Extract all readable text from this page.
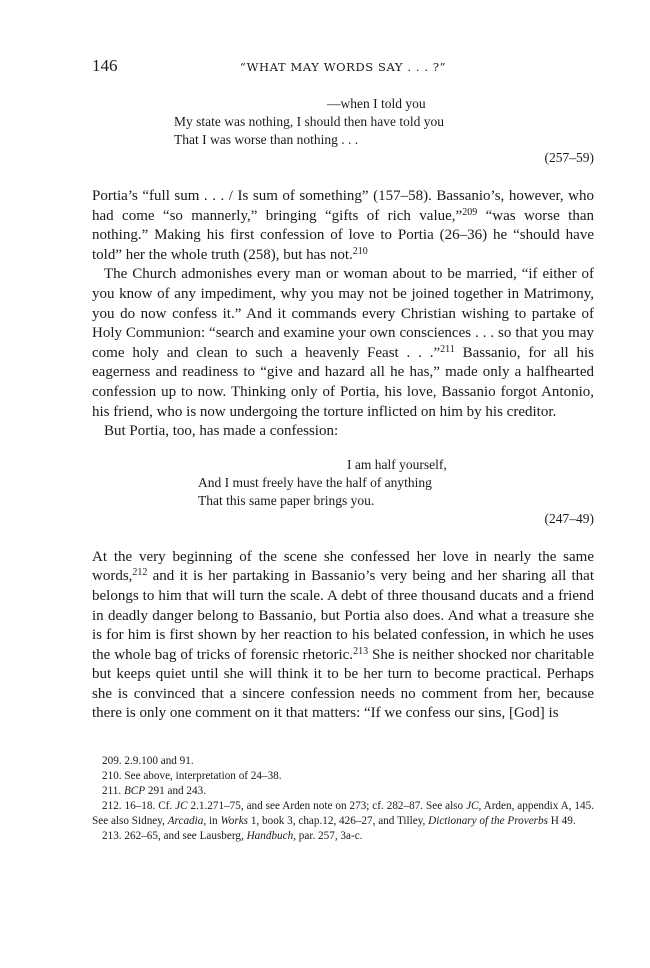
146	“WHAT MAY WORDS SAY . . . ?”
—when I told you
My state was nothing, I should then have told you
That I was worse than nothing . . .
(257–59)

Portia’s “full sum . . . / Is sum of something” (157–58). Bassanio’s, however, who had come “so mannerly,” bringing “gifts of rich value,”$^{209}$ “was worse than nothing.” Making his first confession of love to Portia (26–36) he “should have told” her the whole truth (258), but has not.$^{210}$

The Church admonishes every man or woman about to be married, “if either of you know of any impediment, why you may not be joined together in Matrimony, you do now confess it.” And it commands every Christian wishing to partake of Holy Communion: “search and examine your own consciences . . . so that you may come holy and clean to such a heavenly Feast . . .”$^{211}$ Bassanio, for all his eagerness and readiness to “give and hazard all he has,” made only a halfhearted confession up to now. Thinking only of Portia, his love, Bassanio forgot Antonio, his friend, who is now undergoing the torture inflicted on him by his creditor.

But Portia, too, has made a confession:

I am half yourself,
And I must freely have the half of anything
That this same paper brings you.
(247–49)

At the very beginning of the scene she confessed her love in nearly the same words,$^{212}$ and it is her partaking in Bassanio’s very being and her sharing all that belongs to him that will turn the scale. A debt of three thousand ducats and a friend in deadly danger belong to Bassanio, but Portia also does. And what a treasure she is for him is first shown by her reaction to his belated confession, in which he uses the whole bag of tricks of forensic rhetoric.$^{213}$ She is neither shocked nor charitable but keeps quiet until she will think it to be her turn to become practical. Perhaps she is convinced that a sincere confession needs no comment from her, because there is only one comment on it that matters: “If we confess our sins, [God] is

209. 2.9.100 and 91.
210. See above, interpretation of 24–38.
211. BCP 291 and 243.
212. 16–18. Cf. JC 2.1.271–75, and see Arden note on 273; cf. 282–87. See also JC, Arden, appendix A, 145. See also Sidney, Arcadia, in Works 1, book 3, chap.12, 426–27, and Tilley, Dictionary of the Proverbs H 49.
213. 262–65, and see Lausberg, Handbuch, par. 257, 3a-c.
